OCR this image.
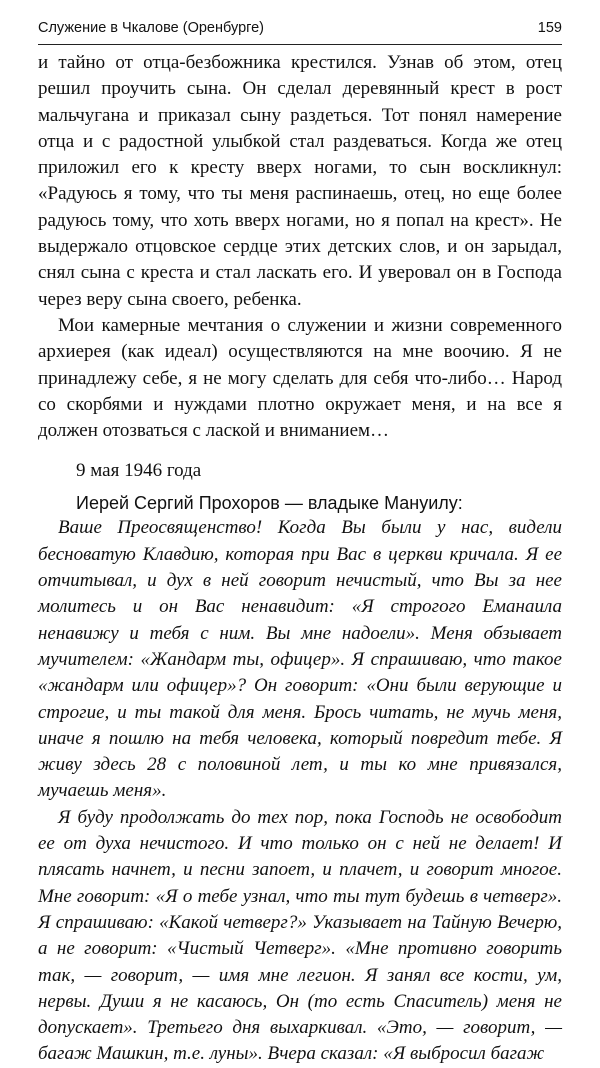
Служение в Чкалове (Оренбурге)	159

и тайно от отца-безбожника крестился. Узнав об этом, отец решил проучить сына. Он сделал деревянный крест в рост мальчугана и приказал сыну раздеться. Тот понял намерение отца и с радостной улыбкой стал раздеваться. Когда же отец приложил его к кресту вверх ногами, то сын воскликнул: «Радуюсь я тому, что ты меня распинаешь, отец, но еще более радуюсь тому, что хоть вверх ногами, но я попал на крест». Не выдержало отцовское сердце этих детских слов, и он зарыдал, снял сына с креста и стал ласкать его. И уверовал он в Господа через веру сына своего, ребенка.

Мои камерные мечтания о служении и жизни современного архиерея (как идеал) осуществляются на мне воочию. Я не принадлежу себе, я не могу сделать для себя что-либо… Народ со скорбями и нуждами плотно окружает меня, и на все я должен отозваться с лаской и вниманием…

9 мая 1946 года
Иерей Сергий Прохоров — владыке Мануилу:

Ваше Преосвященство! Когда Вы были у нас, видели бесноватую Клавдию, которая при Вас в церкви кричала. Я ее отчитывал, и дух в ней говорит нечистый, что Вы за нее молитесь и он Вас ненавидит: «Я строгого Еманаила ненавижу и тебя с ним. Вы мне надоели». Меня обзывает мучителем: «Жандарм ты, офицер». Я спрашиваю, что такое «жандарм или офицер»? Он говорит: «Они были верующие и строгие, и ты такой для меня. Брось читать, не мучь меня, иначе я пошлю на тебя человека, который повредит тебе. Я живу здесь 28 с половиной лет, и ты ко мне привязался, мучаешь меня».

Я буду продолжать до тех пор, пока Господь не освободит ее от духа нечистого. И что только он с ней не делает! И плясать начнет, и песни запоет, и плачет, и говорит многое. Мне говорит: «Я о тебе узнал, что ты тут будешь в четверг». Я спрашиваю: «Какой четверг?» Указывает на Тайную Вечерю, а не говорит: «Чистый Четверг». «Мне противно говорить так, — говорит, — имя мне легион. Я занял все кости, ум, нервы. Души я не касаюсь, Он (то есть Спаситель) меня не допускает». Третьего дня выхаркивал. «Это, — говорит, — багаж Машкин, т.е. луны». Вчера сказал: «Я выбросил багаж
